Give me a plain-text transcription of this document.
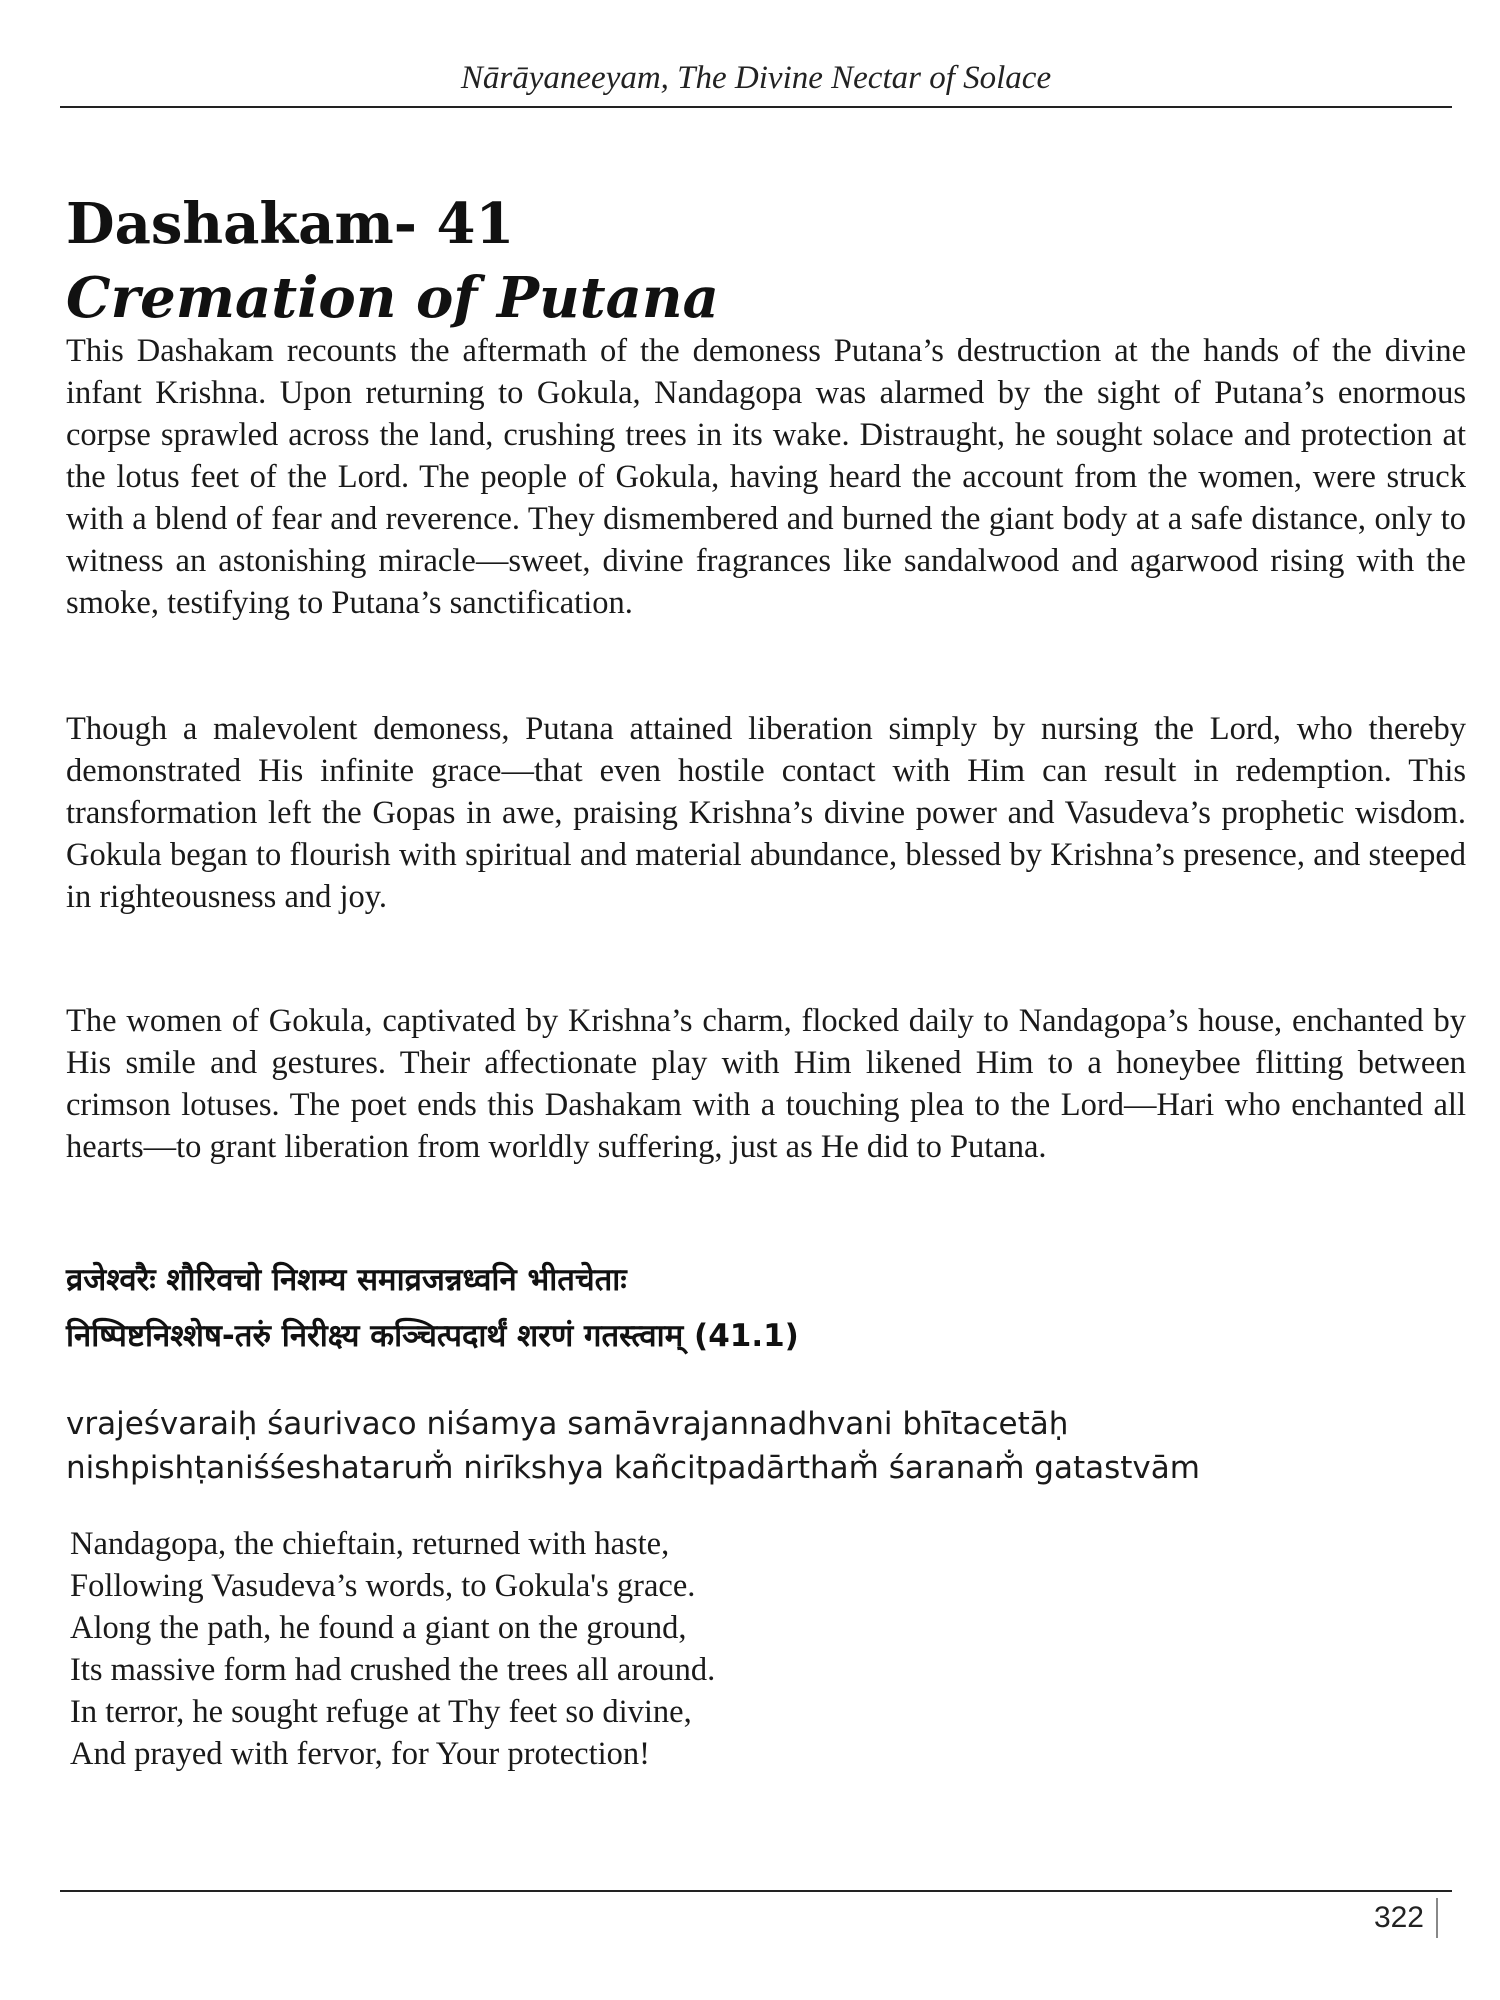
Nārāyaneeyam, The Divine Nectar of Solace
Dashakam- 41
Cremation of Putana

This Dashakam recounts the aftermath of the demoness Putana’s destruction at the hands of the divine infant Krishna. Upon returning to Gokula, Nandagopa was alarmed by the sight of Putana’s enormous corpse sprawled across the land, crushing trees in its wake. Distraught, he sought solace and protection at the lotus feet of the Lord. The people of Gokula, having heard the account from the women, were struck with a blend of fear and reverence. They dismembered and burned the giant body at a safe distance, only to witness an astonishing miracle—sweet, divine fragrances like sandalwood and agarwood rising with the smoke, testifying to Putana’s sanctification.

Though a malevolent demoness, Putana attained liberation simply by nursing the Lord, who thereby demonstrated His infinite grace—that even hostile contact with Him can result in redemption. This transformation left the Gopas in awe, praising Krishna’s divine power and Vasudeva’s prophetic wisdom. Gokula began to flourish with spiritual and material abundance, blessed by Krishna’s presence, and steeped in righteousness and joy.

The women of Gokula, captivated by Krishna’s charm, flocked daily to Nandagopa’s house, enchanted by His smile and gestures. Their affectionate play with Him likened Him to a honeybee flitting between crimson lotuses. The poet ends this Dashakam with a touching plea to the Lord—Hari who enchanted all hearts—to grant liberation from worldly suffering, just as He did to Putana.

व्रजेश्वरैः शौरिवचो निशम्य समाव्रजन्नध्वनि भीतचेताः
निष्पिष्टनिश्शेष-तरुं निरीक्ष्य कञ्चित्पदार्थं शरणं गतस्त्वाम् (41.1)
vrajeśvaraiḥ śaurivaco niśamya samāvrajannadhvani bhītacetāḥ
nishpishṭaniśśeshatarum̐ nirīkshya kañcitpadārtham̐ śaranam̐ gatastvām
Nandagopa, the chieftain, returned with haste,
Following Vasudeva’s words, to Gokula's grace.
Along the path, he found a giant on the ground,
Its massive form had crushed the trees all around.
In terror, he sought refuge at Thy feet so divine,
And prayed with fervor, for Your protection!
322
